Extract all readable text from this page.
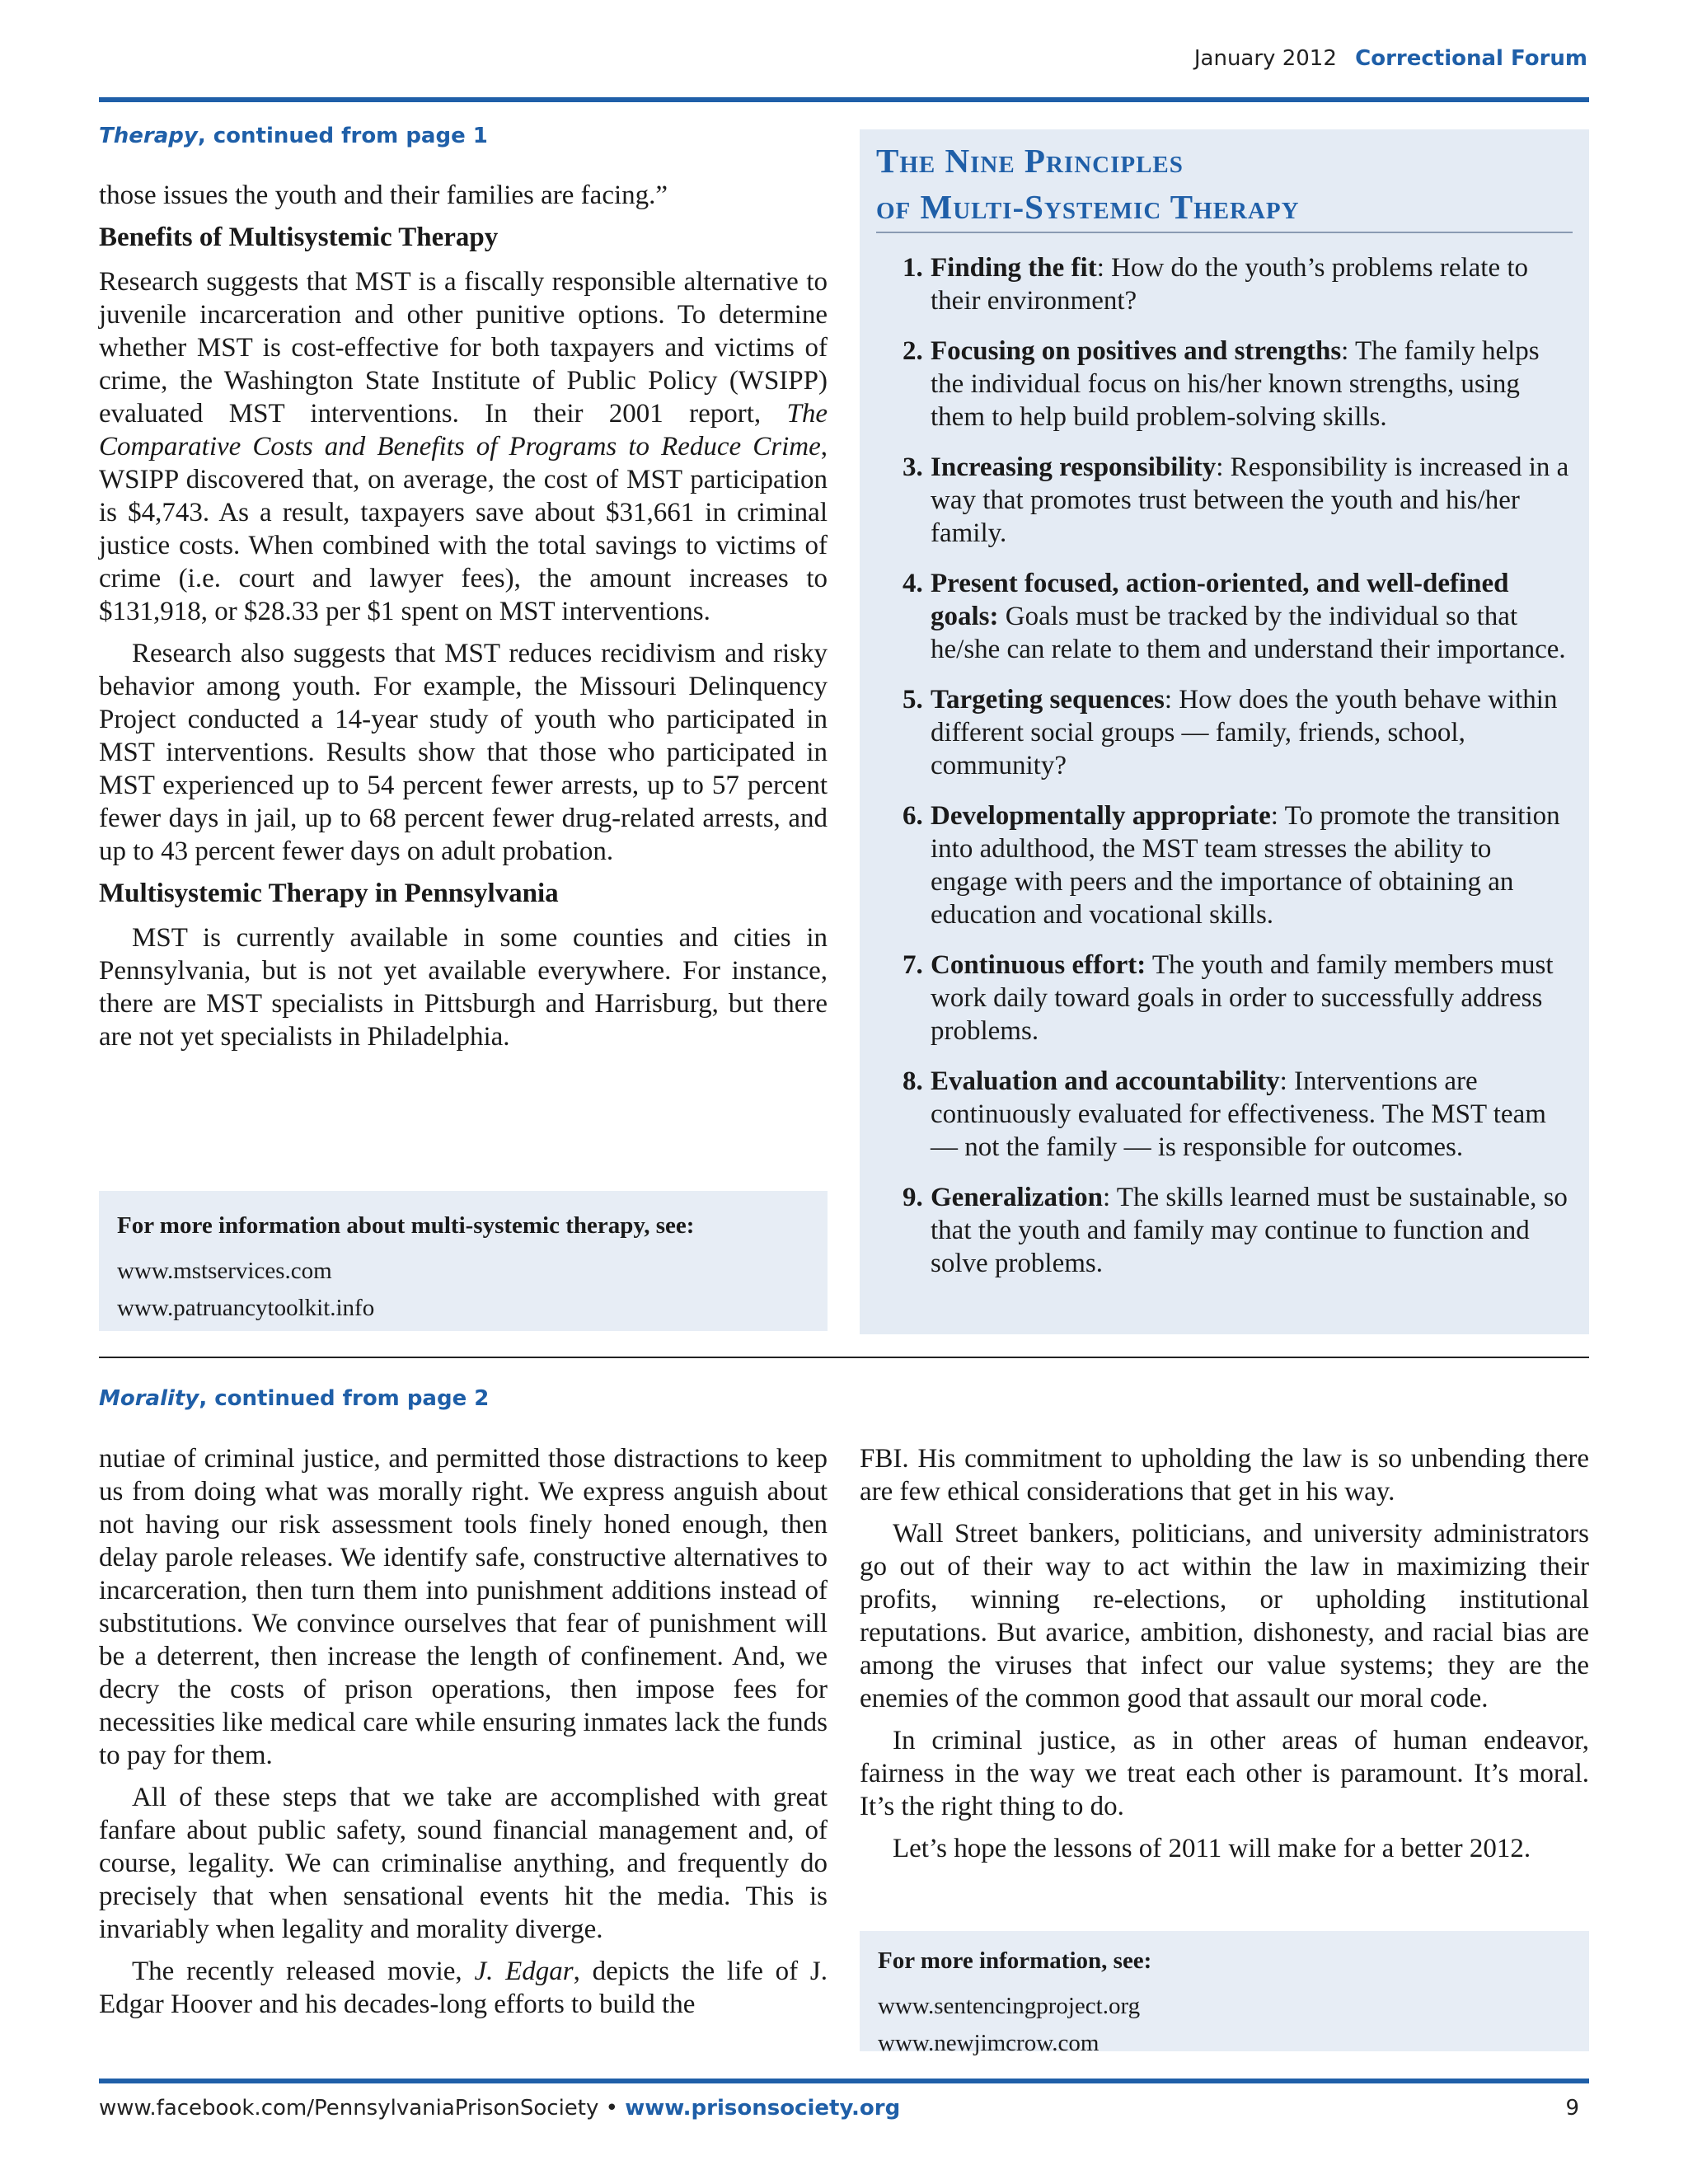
January 2012 Correctional Forum
Therapy, continued from page 1

those issues the youth and their families are facing.”

Benefits of Multisystemic Therapy

Research suggests that MST is a fiscally responsible alternative to juvenile incarceration and other punitive options. To determine whether MST is cost-effective for both taxpayers and victims of crime, the Washington State Institute of Public Policy (WSIPP) evaluated MST interventions. In their 2001 report, The Comparative Costs and Benefits of Programs to Reduce Crime, WSIPP discovered that, on average, the cost of MST participation is $4,743. As a result, taxpayers save about $31,661 in criminal justice costs. When combined with the total savings to victims of crime (i.e. court and lawyer fees), the amount increases to $131,918, or $28.33 per $1 spent on MST interventions.

Research also suggests that MST reduces recidivism and risky behavior among youth. For example, the Missouri Delinquency Project conducted a 14-year study of youth who participated in MST interventions. Results show that those who participated in MST experienced up to 54 percent fewer arrests, up to 57 percent fewer days in jail, up to 68 percent fewer drug-related arrests, and up to 43 percent fewer days on adult probation.

Multisystemic Therapy in Pennsylvania

MST is currently available in some counties and cities in Pennsylvania, but is not yet available everywhere. For instance, there are MST specialists in Pittsburgh and Harrisburg, but there are not yet specialists in Philadelphia.

For more information about multi-systemic therapy, see:
www.mstservices.com
www.patruancytoolkit.info
The Nine Principles
of Multi-Systemic Therapy
1. Finding the fit: How do the youth’s problems relate to their environment?
2. Focusing on positives and strengths: The family helps the individual focus on his/her known strengths, using them to help build problem-solving skills.
3. Increasing responsibility: Responsibility is increased in a way that promotes trust between the youth and his/her family.
4. Present focused, action-oriented, and well-defined goals: Goals must be tracked by the individual so that he/she can relate to them and understand their importance.
5. Targeting sequences: How does the youth behave within different social groups — family, friends, school, community?
6. Developmentally appropriate: To promote the transition into adulthood, the MST team stresses the ability to engage with peers and the importance of obtaining an education and vocational skills.
7. Continuous effort: The youth and family members must work daily toward goals in order to successfully address problems.
8. Evaluation and accountability: Interventions are continuously evaluated for effectiveness. The MST team — not the family — is responsible for outcomes.
9. Generalization: The skills learned must be sustainable, so that the youth and family may continue to function and solve problems.
Morality, continued from page 2

nutiae of criminal justice, and permitted those distractions to keep us from doing what was morally right. We express anguish about not having our risk assessment tools finely honed enough, then delay parole releases. We identify safe, constructive alternatives to incarceration, then turn them into punishment additions instead of substitutions. We convince ourselves that fear of punishment will be a deterrent, then increase the length of confinement. And, we decry the costs of prison operations, then impose fees for necessities like medical care while ensuring inmates lack the funds to pay for them.

All of these steps that we take are accomplished with great fanfare about public safety, sound financial management and, of course, legality. We can criminalise anything, and frequently do precisely that when sensational events hit the media. This is invariably when legality and morality diverge.

The recently released movie, J. Edgar, depicts the life of J. Edgar Hoover and his decades-long efforts to build the

FBI. His commitment to upholding the law is so unbending there are few ethical considerations that get in his way.

Wall Street bankers, politicians, and university administrators go out of their way to act within the law in maximizing their profits, winning re-elections, or upholding institutional reputations. But avarice, ambition, dishonesty, and racial bias are among the viruses that infect our value systems; they are the enemies of the common good that assault our moral code.

In criminal justice, as in other areas of human endeavor, fairness in the way we treat each other is paramount. It’s moral. It’s the right thing to do.

Let’s hope the lessons of 2011 will make for a better 2012.

For more information, see:
www.sentencingproject.org
www.newjimcrow.com
www.facebook.com/PennsylvaniaPrisonSociety • www.prisonsociety.org	9
